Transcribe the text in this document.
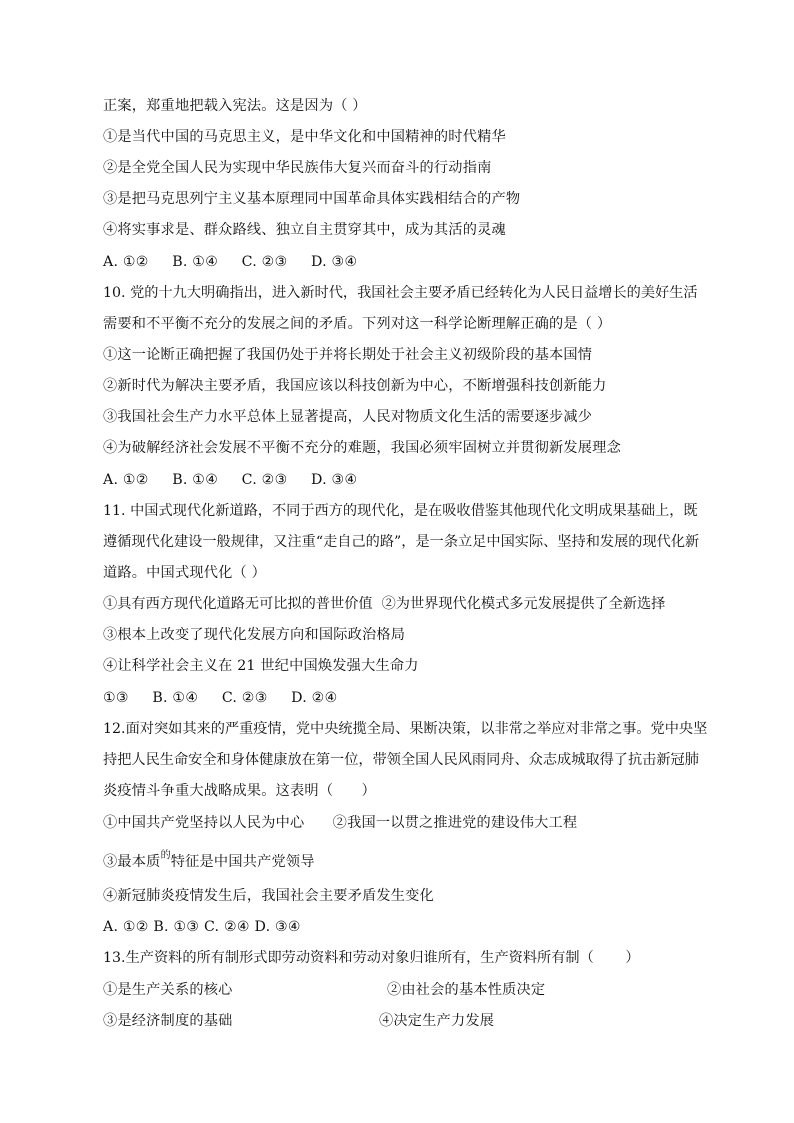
正案，郑重地把载入宪法。这是因为（ ）
①是当代中国的马克思主义，是中华文化和中国精神的时代精华
②是全党全国人民为实现中华民族伟大复兴而奋斗的行动指南
③是把马克思列宁主义基本原理同中国革命具体实践相结合的产物
④将实事求是、群众路线、独立自主贯穿其中，成为其活的灵魂
A. ①②     B. ①④     C. ②③     D. ③④
10. 党的十九大明确指出，进入新时代，我国社会主要矛盾已经转化为人民日益增长的美好生活
需要和不平衡不充分的发展之间的矛盾。下列对这一科学论断理解正确的是（ ）
①这一论断正确把握了我国仍处于并将长期处于社会主义初级阶段的基本国情
②新时代为解决主要矛盾，我国应该以科技创新为中心，不断增强科技创新能力
③我国社会生产力水平总体上显著提高，人民对物质文化生活的需要逐步减少
④为破解经济社会发展不平衡不充分的难题，我国必须牢固树立并贯彻新发展理念
A. ①②     B. ①④     C. ②③     D. ③④
11. 中国式现代化新道路，不同于西方的现代化，是在吸收借鉴其他现代化文明成果基础上，既
遵循现代化建设一般规律，又注重“走自己的路”，是一条立足中国实际、坚持和发展的现代化新
道路。中国式现代化（ ）
①具有西方现代化道路无可比拟的普世价值  ②为世界现代化模式多元发展提供了全新选择
③根本上改变了现代化发展方向和国际政治格局
④让科学社会主义在 21 世纪中国焕发强大生命力
①③     B. ①④     C. ②③     D. ②④
12.面对突如其来的严重疫情，党中央统揽全局、果断决策，以非常之举应对非常之事。党中央坚
持把人民生命安全和身体健康放在第一位，带领全国人民风雨同舟、众志成城取得了抗击新冠肺
炎疫情斗争重大战略成果。这表明（      ）
①中国共产党坚持以人民为中心      ②我国一以贯之推进党的建设伟大工程
③最本质$^的$特征是中国共产党领导
④新冠肺炎疫情发生后，我国社会主要矛盾发生变化
A. ①② B. ①③ C. ②④ D. ③④
13.生产资料的所有制形式即劳动资料和劳动对象归谁所有，生产资料所有制（       ）
①是生产关系的核心	②由社会的基本性质决定
③是经济制度的基础	④决定生产力发展
